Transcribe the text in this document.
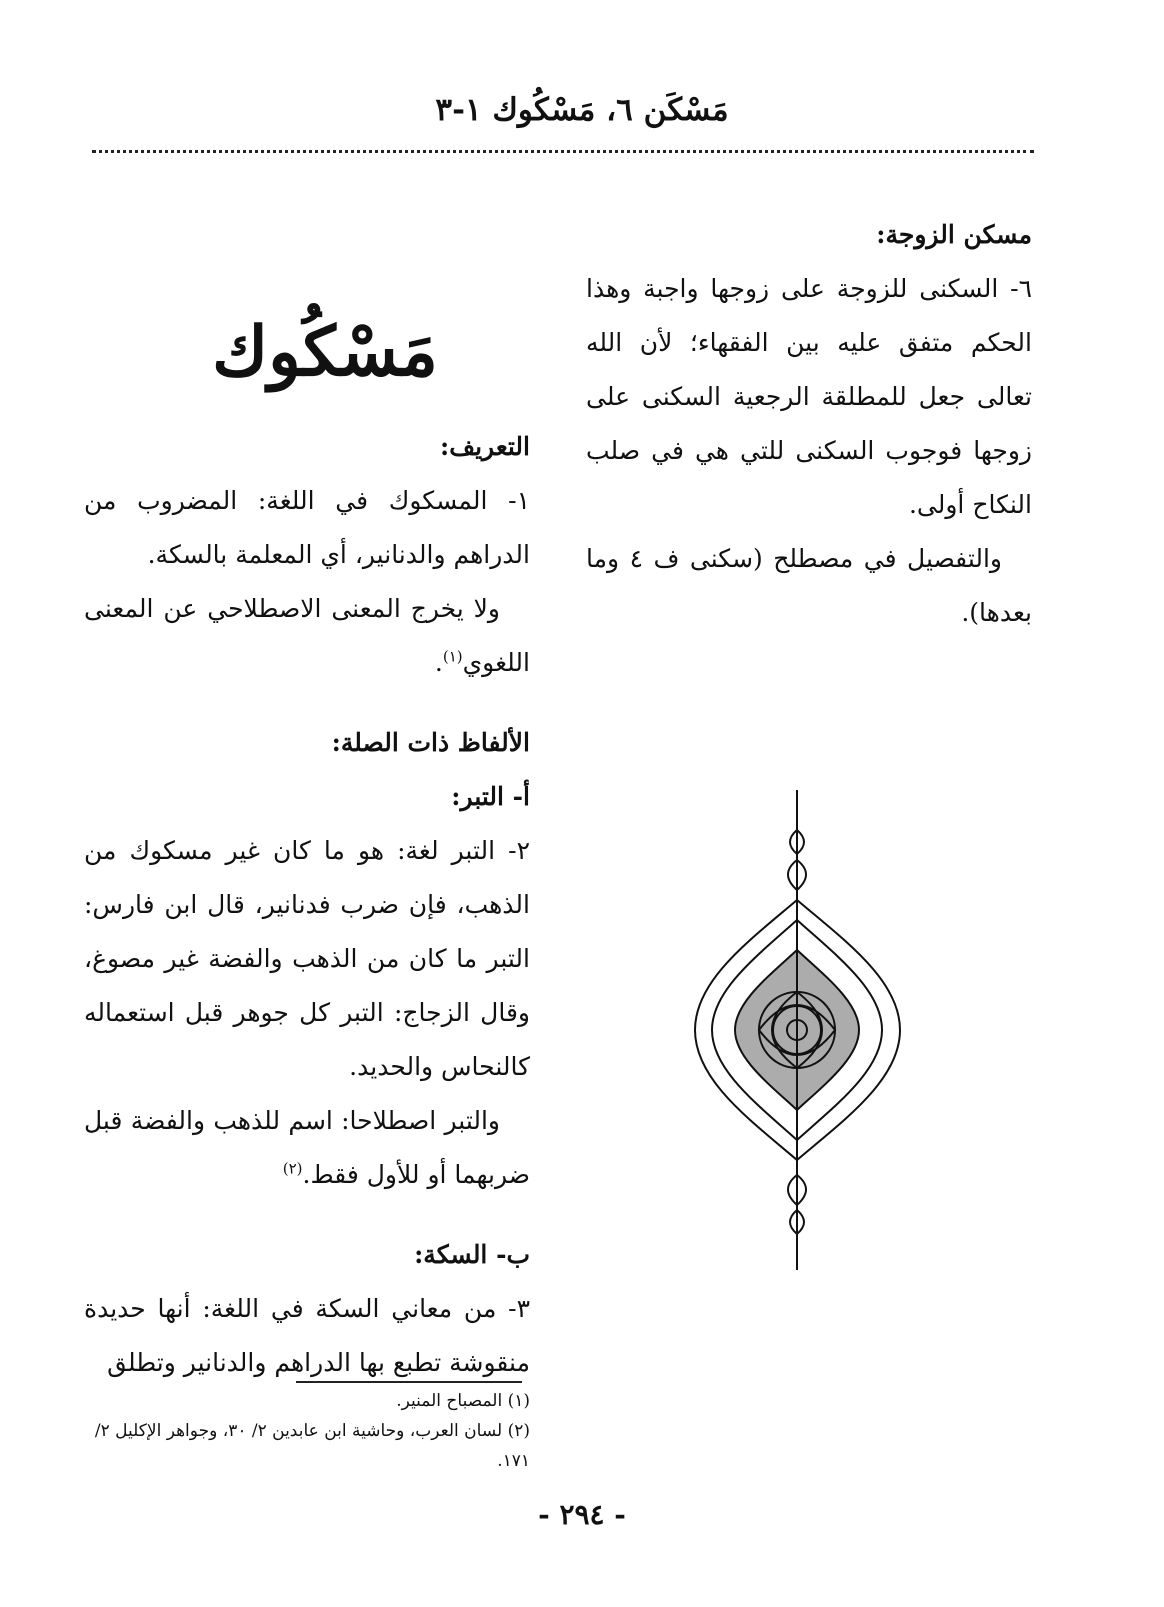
مَسْكَن ٦، مَسْكُوك ١-٣

مسكن الزوجة:

٦- السكنى للزوجة على زوجها واجبة وهذا الحكم متفق عليه بين الفقهاء؛ لأن الله تعالى جعل للمطلقة الرجعية السكنى على زوجها فوجوب السكنى للتي هي في صلب النكاح أولى.

والتفصيل في مصطلح (سكنى ف ٤ وما بعدها).

مَسْكُوك

التعريف:

١- المسكوك في اللغة: المضروب من الدراهم والدنانير، أي المعلمة بالسكة.

ولا يخرج المعنى الاصطلاحي عن المعنى اللغوي$^{(١)}$.

الألفاظ ذات الصلة:

أ- التبر:

٢- التبر لغة: هو ما كان غير مسكوك من الذهب، فإن ضرب فدنانير، قال ابن فارس: التبر ما كان من الذهب والفضة غير مصوغ، وقال الزجاج: التبر كل جوهر قبل استعماله كالنحاس والحديد.

والتبر اصطلاحا: اسم للذهب والفضة قبل ضربهما أو للأول فقط.$^{(٢)}$

ب- السكة:

٣- من معاني السكة في اللغة: أنها حديدة منقوشة تطبع بها الدراهم والدنانير وتطلق

(١) المصباح المنير.

(٢) لسان العرب، وحاشية ابن عابدين ٢/ ٣٠، وجواهر الإكليل ٢/ ١٧١.

- ٢٩٤ -
